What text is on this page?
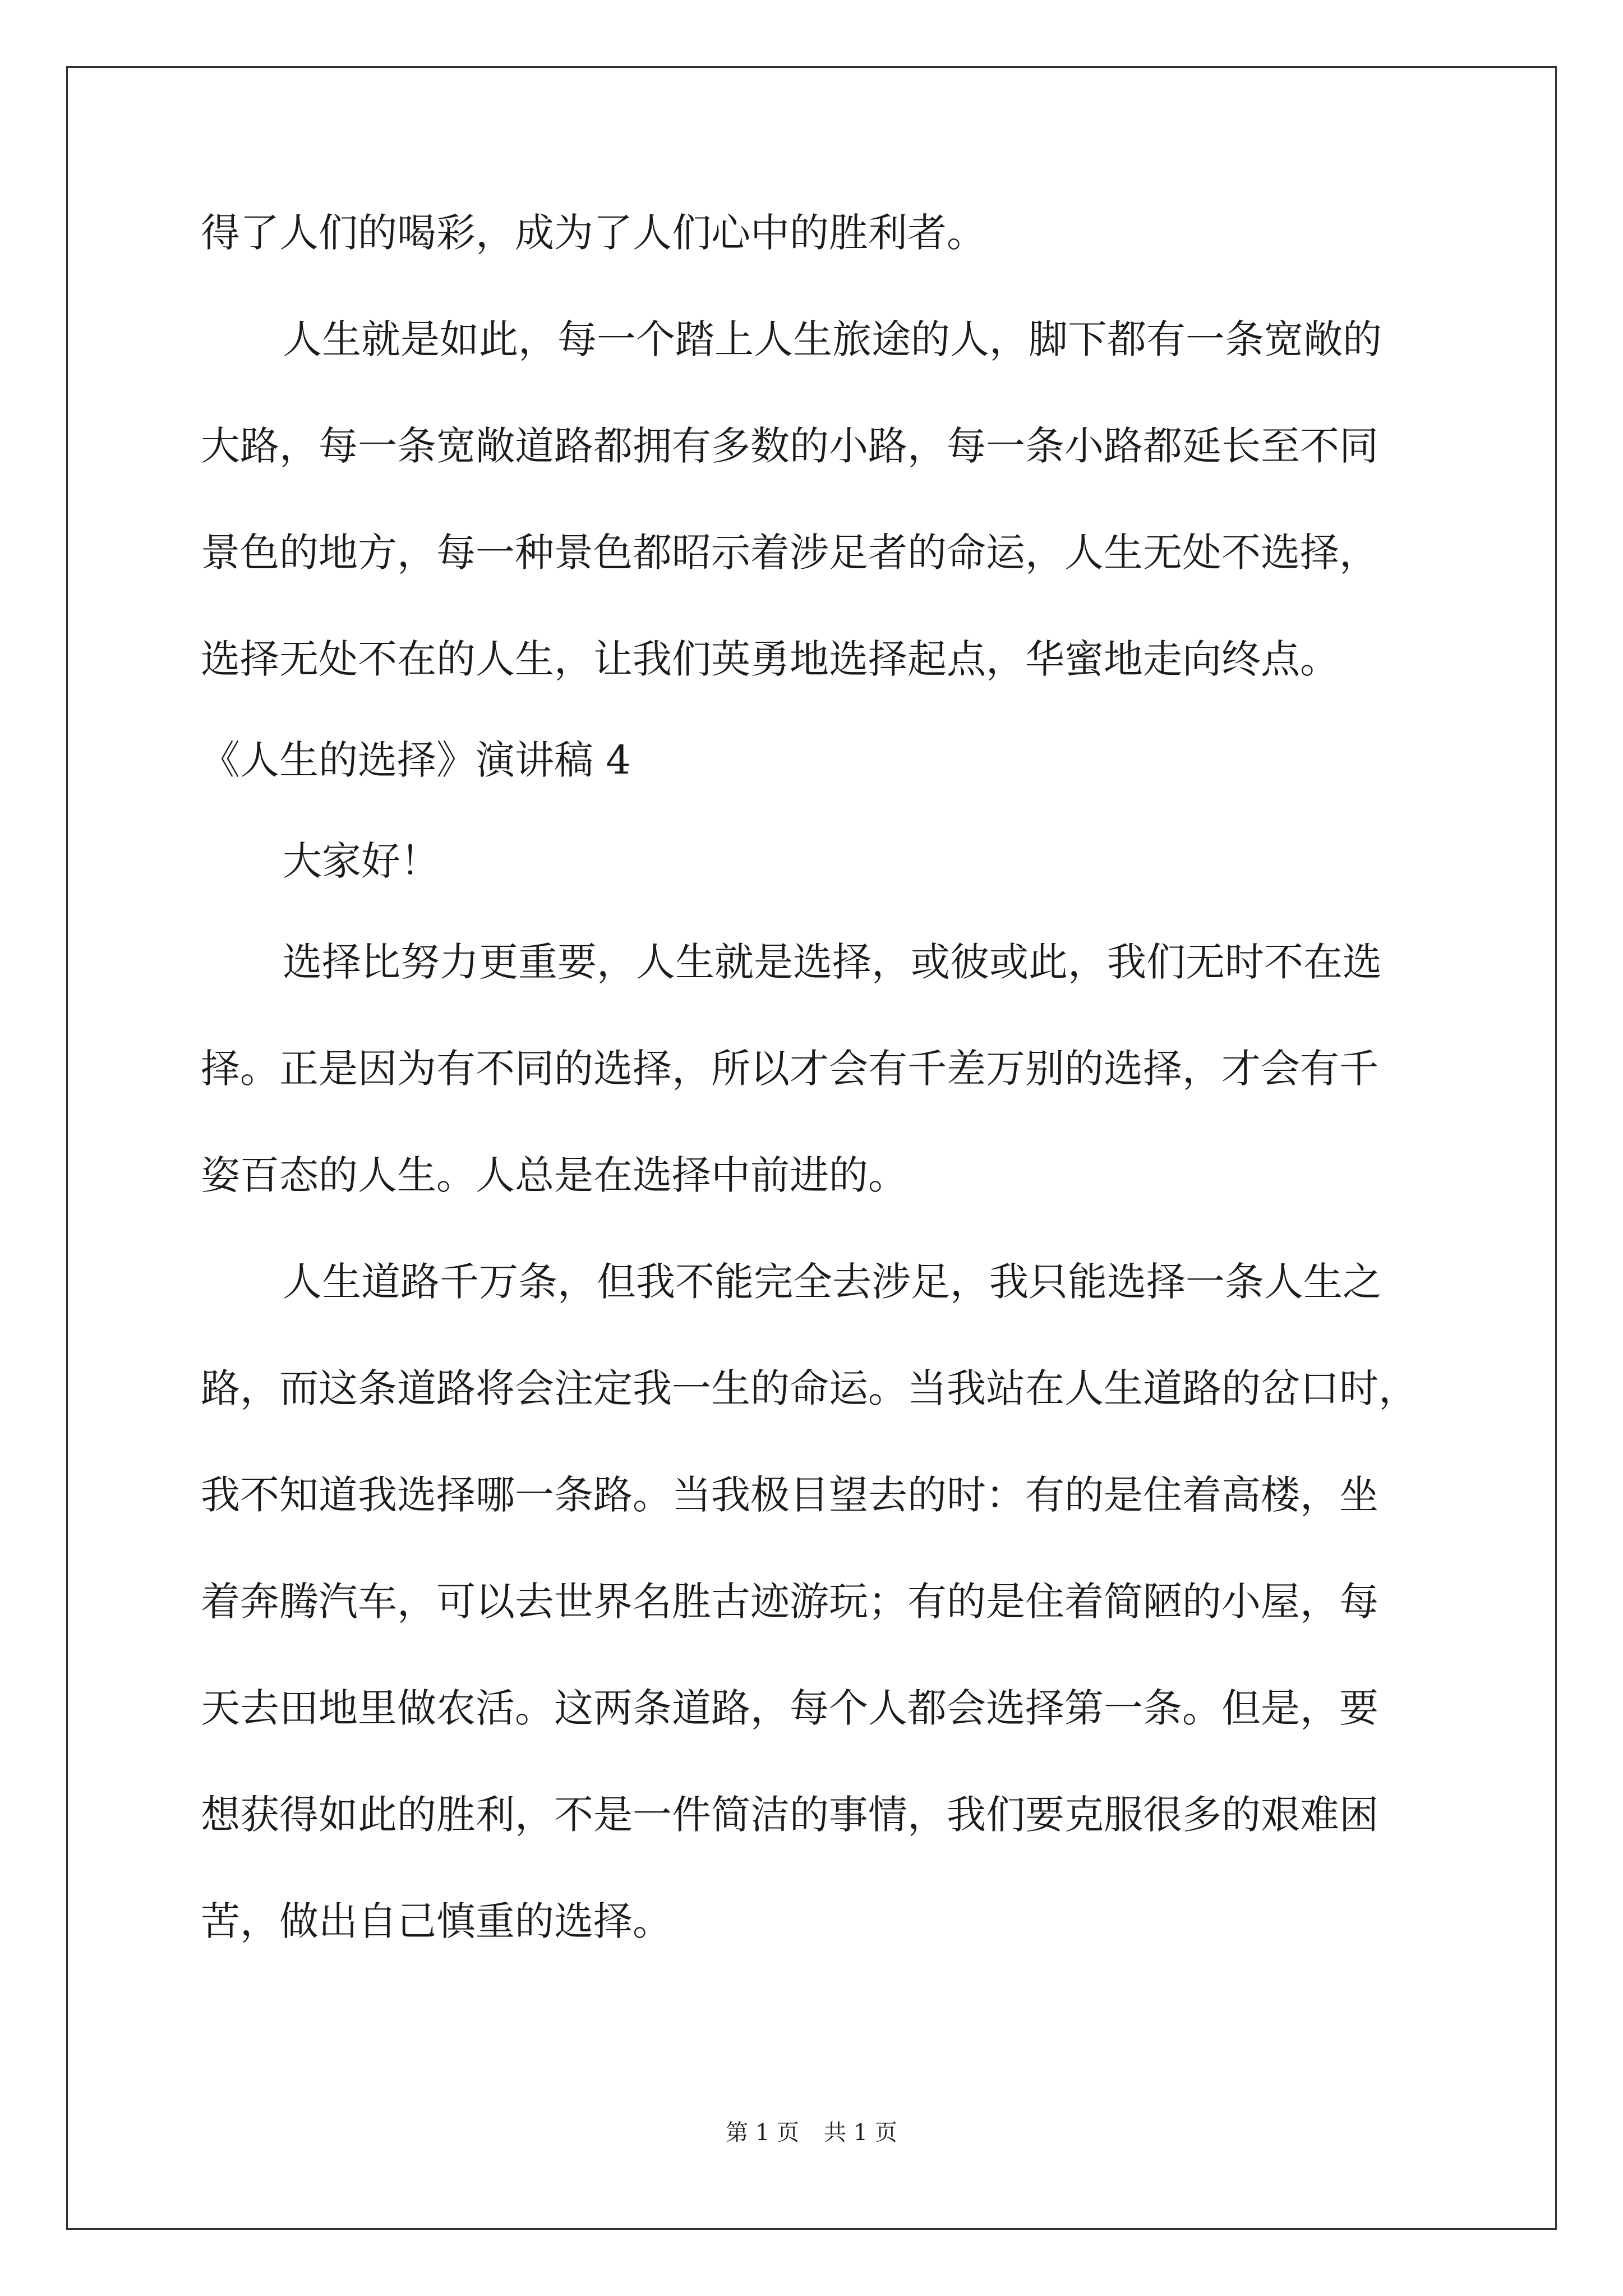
得了人们的喝彩，成为了人们心中的胜利者。
人生就是如此，每一个踏上人生旅途的人，脚下都有一条宽敞的
大路，每一条宽敞道路都拥有多数的小路，每一条小路都延长至不同
景色的地方，每一种景色都昭示着涉足者的命运，人生无处不选择，
选择无处不在的人生，让我们英勇地选择起点，华蜜地走向终点。
《人生的选择》演讲稿 4
大家好！
选择比努力更重要，人生就是选择，或彼或此，我们无时不在选
择。正是因为有不同的选择，所以才会有千差万别的选择，才会有千
姿百态的人生。人总是在选择中前进的。
人生道路千万条，但我不能完全去涉足，我只能选择一条人生之
路，而这条道路将会注定我一生的命运。当我站在人生道路的岔口时，
我不知道我选择哪一条路。当我极目望去的时：有的是住着高楼，坐
着奔腾汽车，可以去世界名胜古迹游玩；有的是住着简陋的小屋，每
天去田地里做农活。这两条道路，每个人都会选择第一条。但是，要
想获得如此的胜利，不是一件简洁的事情，我们要克服很多的艰难困
苦，做出自己慎重的选择。
第 1 页 共 1 页
